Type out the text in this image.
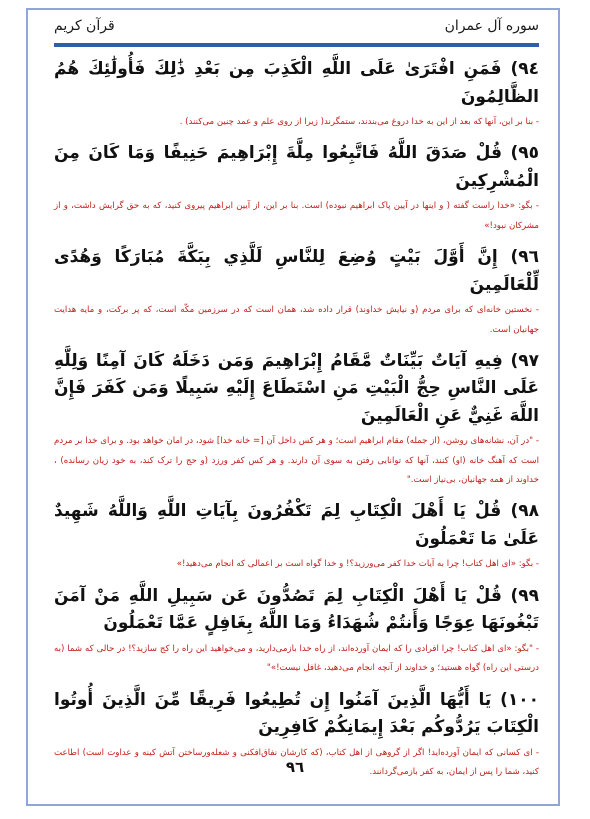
سوره آل عمران
قرآن کریم

٩٤) فَمَنِ افْتَرَىٰ عَلَى اللَّهِ الْكَذِبَ مِن بَعْدِ ذَٰلِكَ فَأُولَٰئِكَ هُمُ الظَّالِمُونَ

- بنا بر این، آنها که بعد از این به خدا دروغ می‌بندند، ستمگرند( زیرا از روی علم و عمد چنین می‌کنند) .

٩٥) قُلْ صَدَقَ اللَّهُ فَاتَّبِعُوا مِلَّةَ إِبْرَاهِيمَ حَنِيفًا وَمَا كَانَ مِنَ الْمُشْرِكِينَ

- بگو: «خدا راست گفته ( و اینها در آیین پاک ابراهیم نبوده) است. بنا بر این، از آیین ابراهیم پیروی کنید، که به حق گرایش داشت، و از مشرکان نبود!»

٩٦) إِنَّ أَوَّلَ بَيْتٍ وُضِعَ لِلنَّاسِ لَلَّذِي بِبَكَّةَ مُبَارَكًا وَهُدًى لِّلْعَالَمِينَ

- نخستین خانه‌ای که برای مردم (و نیایش خداوند) قرار داده شد، همان است که در سرزمین مکّه است، که پر برکت، و مایه هدایت جهانیان است.

٩٧) فِيهِ آيَاتٌ بَيِّنَاتٌ مَّقَامُ إِبْرَاهِيمَ وَمَن دَخَلَهُ كَانَ آمِنًا وَلِلَّهِ عَلَى النَّاسِ حِجُّ الْبَيْتِ مَنِ اسْتَطَاعَ إِلَيْهِ سَبِيلًا وَمَن كَفَرَ فَإِنَّ اللَّهَ غَنِيٌّ عَنِ الْعَالَمِينَ

- "در آن، نشانه‌های روشن، (از جمله) مقام ابراهیم است؛ و هر کس داخل آن [= خانه خدا] شود، در امان خواهد بود. و برای خدا بر مردم است که آهنگ خانه (او) کنند، آنها که توانایی رفتن به سوی آن دارند. و هر کس کفر ورزد (و حج را ترک کند، به خود زیان رسانده) ، خداوند از همه جهانیان، بی‌نیاز است."

٩٨) قُلْ يَا أَهْلَ الْكِتَابِ لِمَ تَكْفُرُونَ بِآيَاتِ اللَّهِ وَاللَّهُ شَهِيدٌ عَلَىٰ مَا تَعْمَلُونَ

- بگو: «ای اهل کتاب! چرا به آیات خدا کفر می‌ورزید؟! و خدا گواه است بر اعمالی که انجام می‌دهید!»

٩٩) قُلْ يَا أَهْلَ الْكِتَابِ لِمَ تَصُدُّونَ عَن سَبِيلِ اللَّهِ مَنْ آمَنَ تَبْغُونَهَا عِوَجًا وَأَنتُمْ شُهَدَاءُ وَمَا اللَّهُ بِغَافِلٍ عَمَّا تَعْمَلُونَ

- "بگو: «ای اهل کتاب! چرا افرادی را که ایمان آورده‌اند، از راه خدا بازمی‌دارید، و می‌خواهید این راه را کج سازید؟! در حالی که شما (به درستی این راه) گواه هستید؛ و خداوند از آنچه انجام می‌دهید، غافل نیست!»"

١٠٠) يَا أَيُّهَا الَّذِينَ آمَنُوا إِن تُطِيعُوا فَرِيقًا مِّنَ الَّذِينَ أُوتُوا الْكِتَابَ يَرُدُّوكُم بَعْدَ إِيمَانِكُمْ كَافِرِينَ

- ای کسانی که ایمان آورده‌اید! اگر از گروهی از اهل کتاب، (که کارشان نفاق‌افکنی و شعله‌ورساختن آتش کینه و عداوت است) اطاعت کنید، شما را پس از ایمان، به کفر بازمی‌گردانند.

٩٦
